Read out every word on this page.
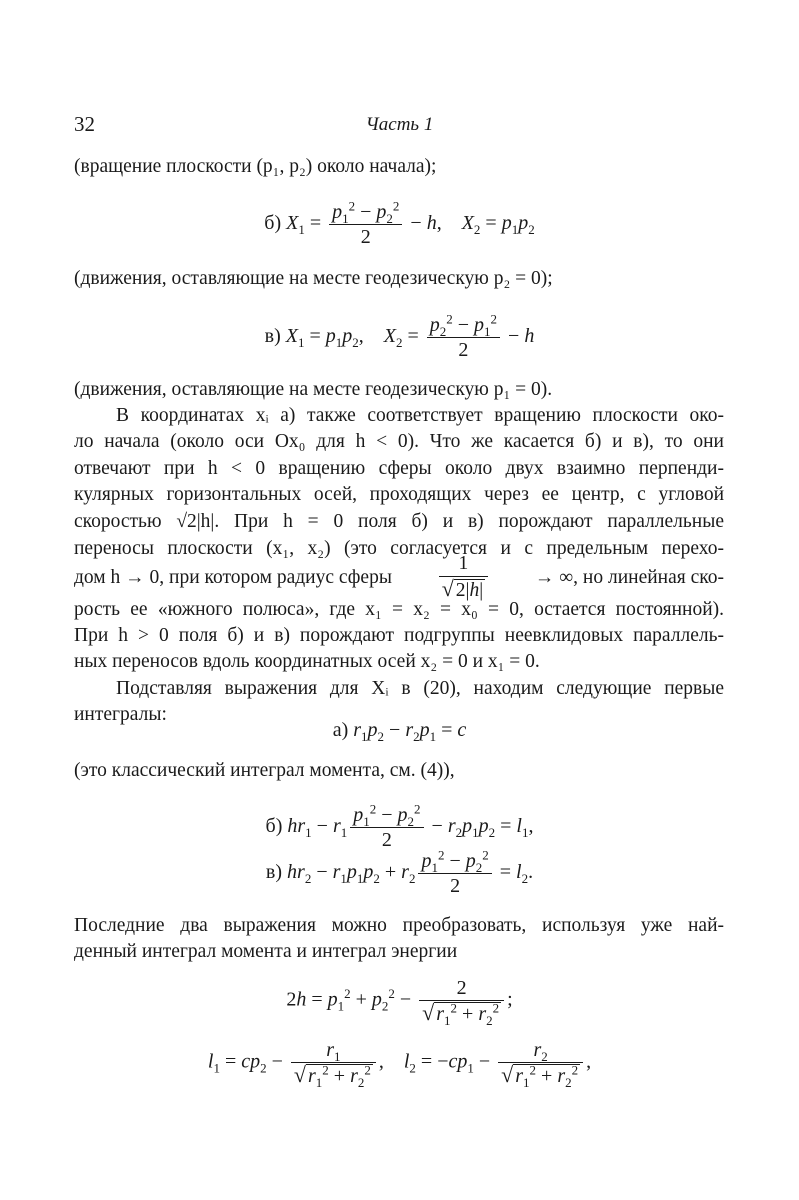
32	Часть 1
(вращение плоскости (p₁, p₂) около начала);
б) $X_1 = \frac{p_1^2 - p_2^2}{2} - h$,    $X_2 = p_1p_2$
(движения, оставляющие на месте геодезическую p₂ = 0);
в) $X_1 = p_1p_2$,    $X_2 = \frac{p_2^2 - p_1^2}{2} - h$
(движения, оставляющие на месте геодезическую p₁ = 0).
В координатах xᵢ а) также соответствует вращению плоскости око-
ло начала (около оси Ox₀ для h < 0). Что же касается б) и в), то они
отвечают при h < 0 вращению сферы около двух взаимно перпенди-
кулярных горизонтальных осей, проходящих через ее центр, с угловой
скоростью √2|h|. При h = 0 поля б) и в) порождают параллельные
переносы плоскости (x₁, x₂) (это согласуется и с предельным перехо-
дом h → 0, при котором радиус сферы $\frac{1}{√ 2|h|}$ → ∞, но линейная ско-
рость ее «южного полюса», где x₁ = x₂ = x₀ = 0, остается постоянной).
При h > 0 поля б) и в) порождают подгруппы неевклидовых параллель-
ных переносов вдоль координатных осей x₂ = 0 и x₁ = 0.
Подставляя выражения для Xᵢ в (20), находим следующие первые
интегралы:
а) $r_1p_2 - r_2p_1 = c$
(это классический интеграл момента, см. (4)),
б) $hr_1 - r_1 \frac{p_1^2 - p_2^2}{2} - r_2p_1p_2 = l_1$,
в) $hr_2 - r_1p_1p_2 + r_2 \frac{p_1^2 - p_2^2}{2} = l_2$.
Последние два выражения можно преобразовать, используя уже най-
денный интеграл момента и интеграл энергии
$2h = p_1^2 + p_2^2 - \frac{2}{√ r_1^2 + r_2^2}$ ;
$l_1 = cp_2 - \frac{r_1}{√ r_1^2 + r_2^2}$ ,    $l_2 = -cp_1 - \frac{r_2}{√ r_1^2 + r_2^2}$ ,
